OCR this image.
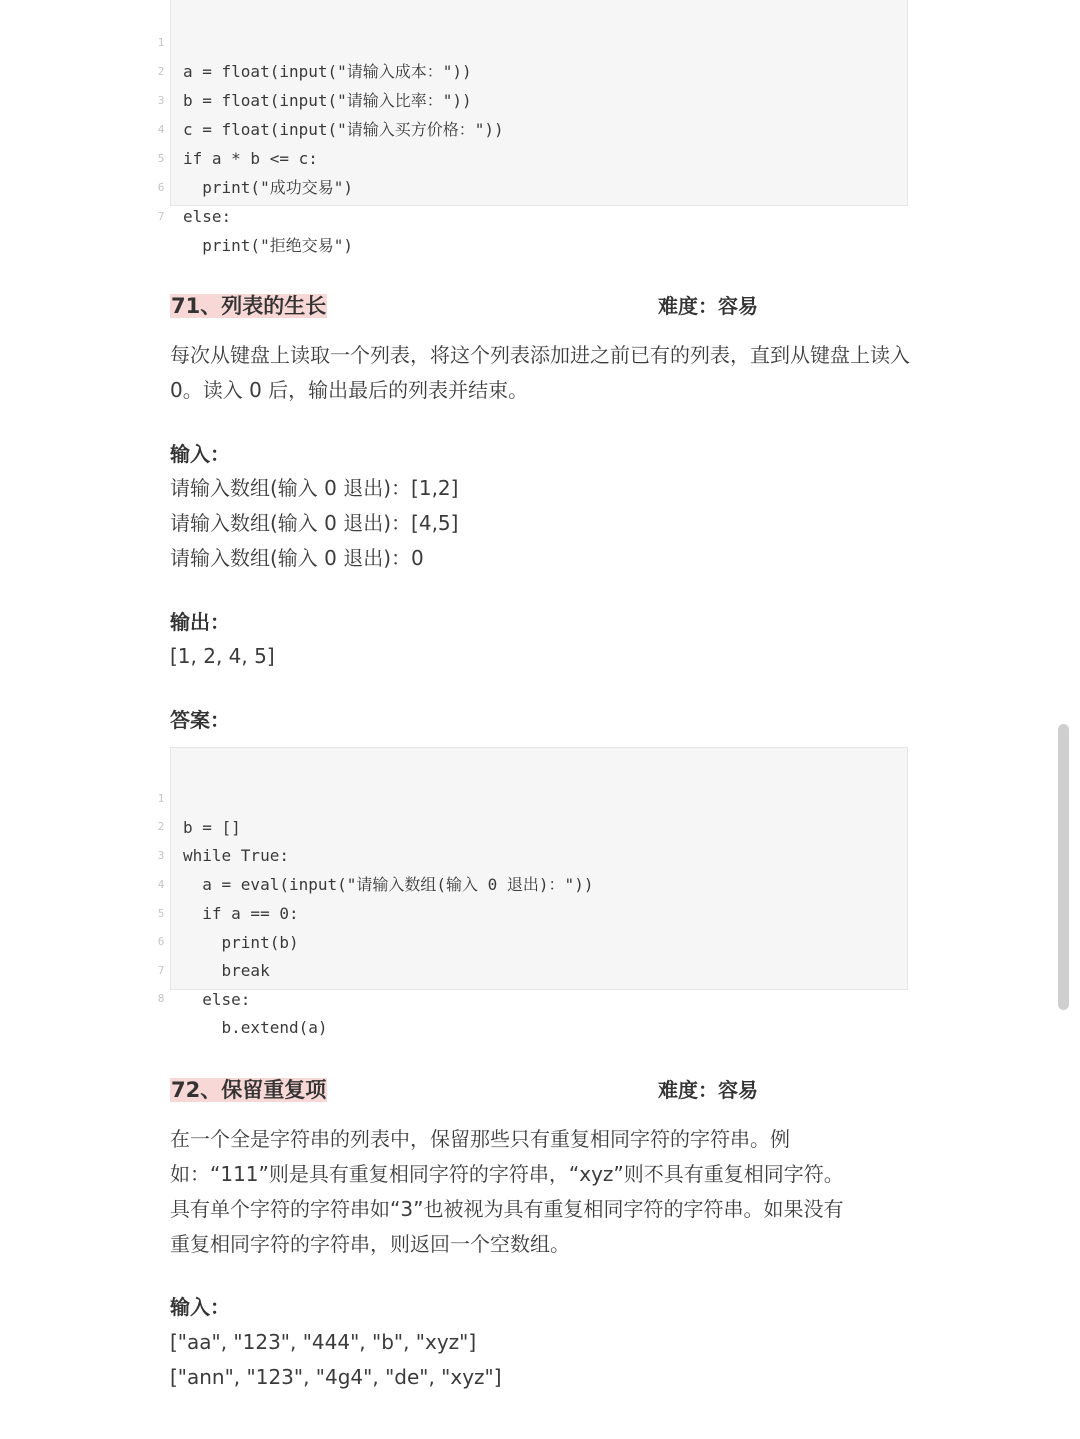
1

a = float(input("请输入成本："))

2

b = float(input("请输入比率："))

3

c = float(input("请输入买方价格："))

4

if a * b <= c:

5

print("成功交易")

6

else:

7

print("拒绝交易")

71、列表的生长	难度：容易
每次从键盘上读取一个列表，将这个列表添加进之前已有的列表，直到从键盘上读入 0。读入 0 后，输出最后的列表并结束。
输入：
请输入数组(输入 0 退出)：[1,2]
请输入数组(输入 0 退出)：[4,5]
请输入数组(输入 0 退出)：0
输出：
[1, 2, 4, 5]
答案：

1

b = []

2

while True:

3

a = eval(input("请输入数组(输入 0 退出)："))

4

if a == 0:

5

print(b)

6

break

7

else:

8

b.extend(a)

72、保留重复项	难度：容易
在一个全是字符串的列表中，保留那些只有重复相同字符的字符串。例
如：“111”则是具有重复相同字符的字符串，“xyz”则不具有重复相同字符。
具有单个字符的字符串如“3”也被视为具有重复相同字符的字符串。如果没有
重复相同字符的字符串，则返回一个空数组。
输入：
["aa", "123", "444", "b", "xyz"]
["ann", "123", "4g4", "de", "xyz"]
